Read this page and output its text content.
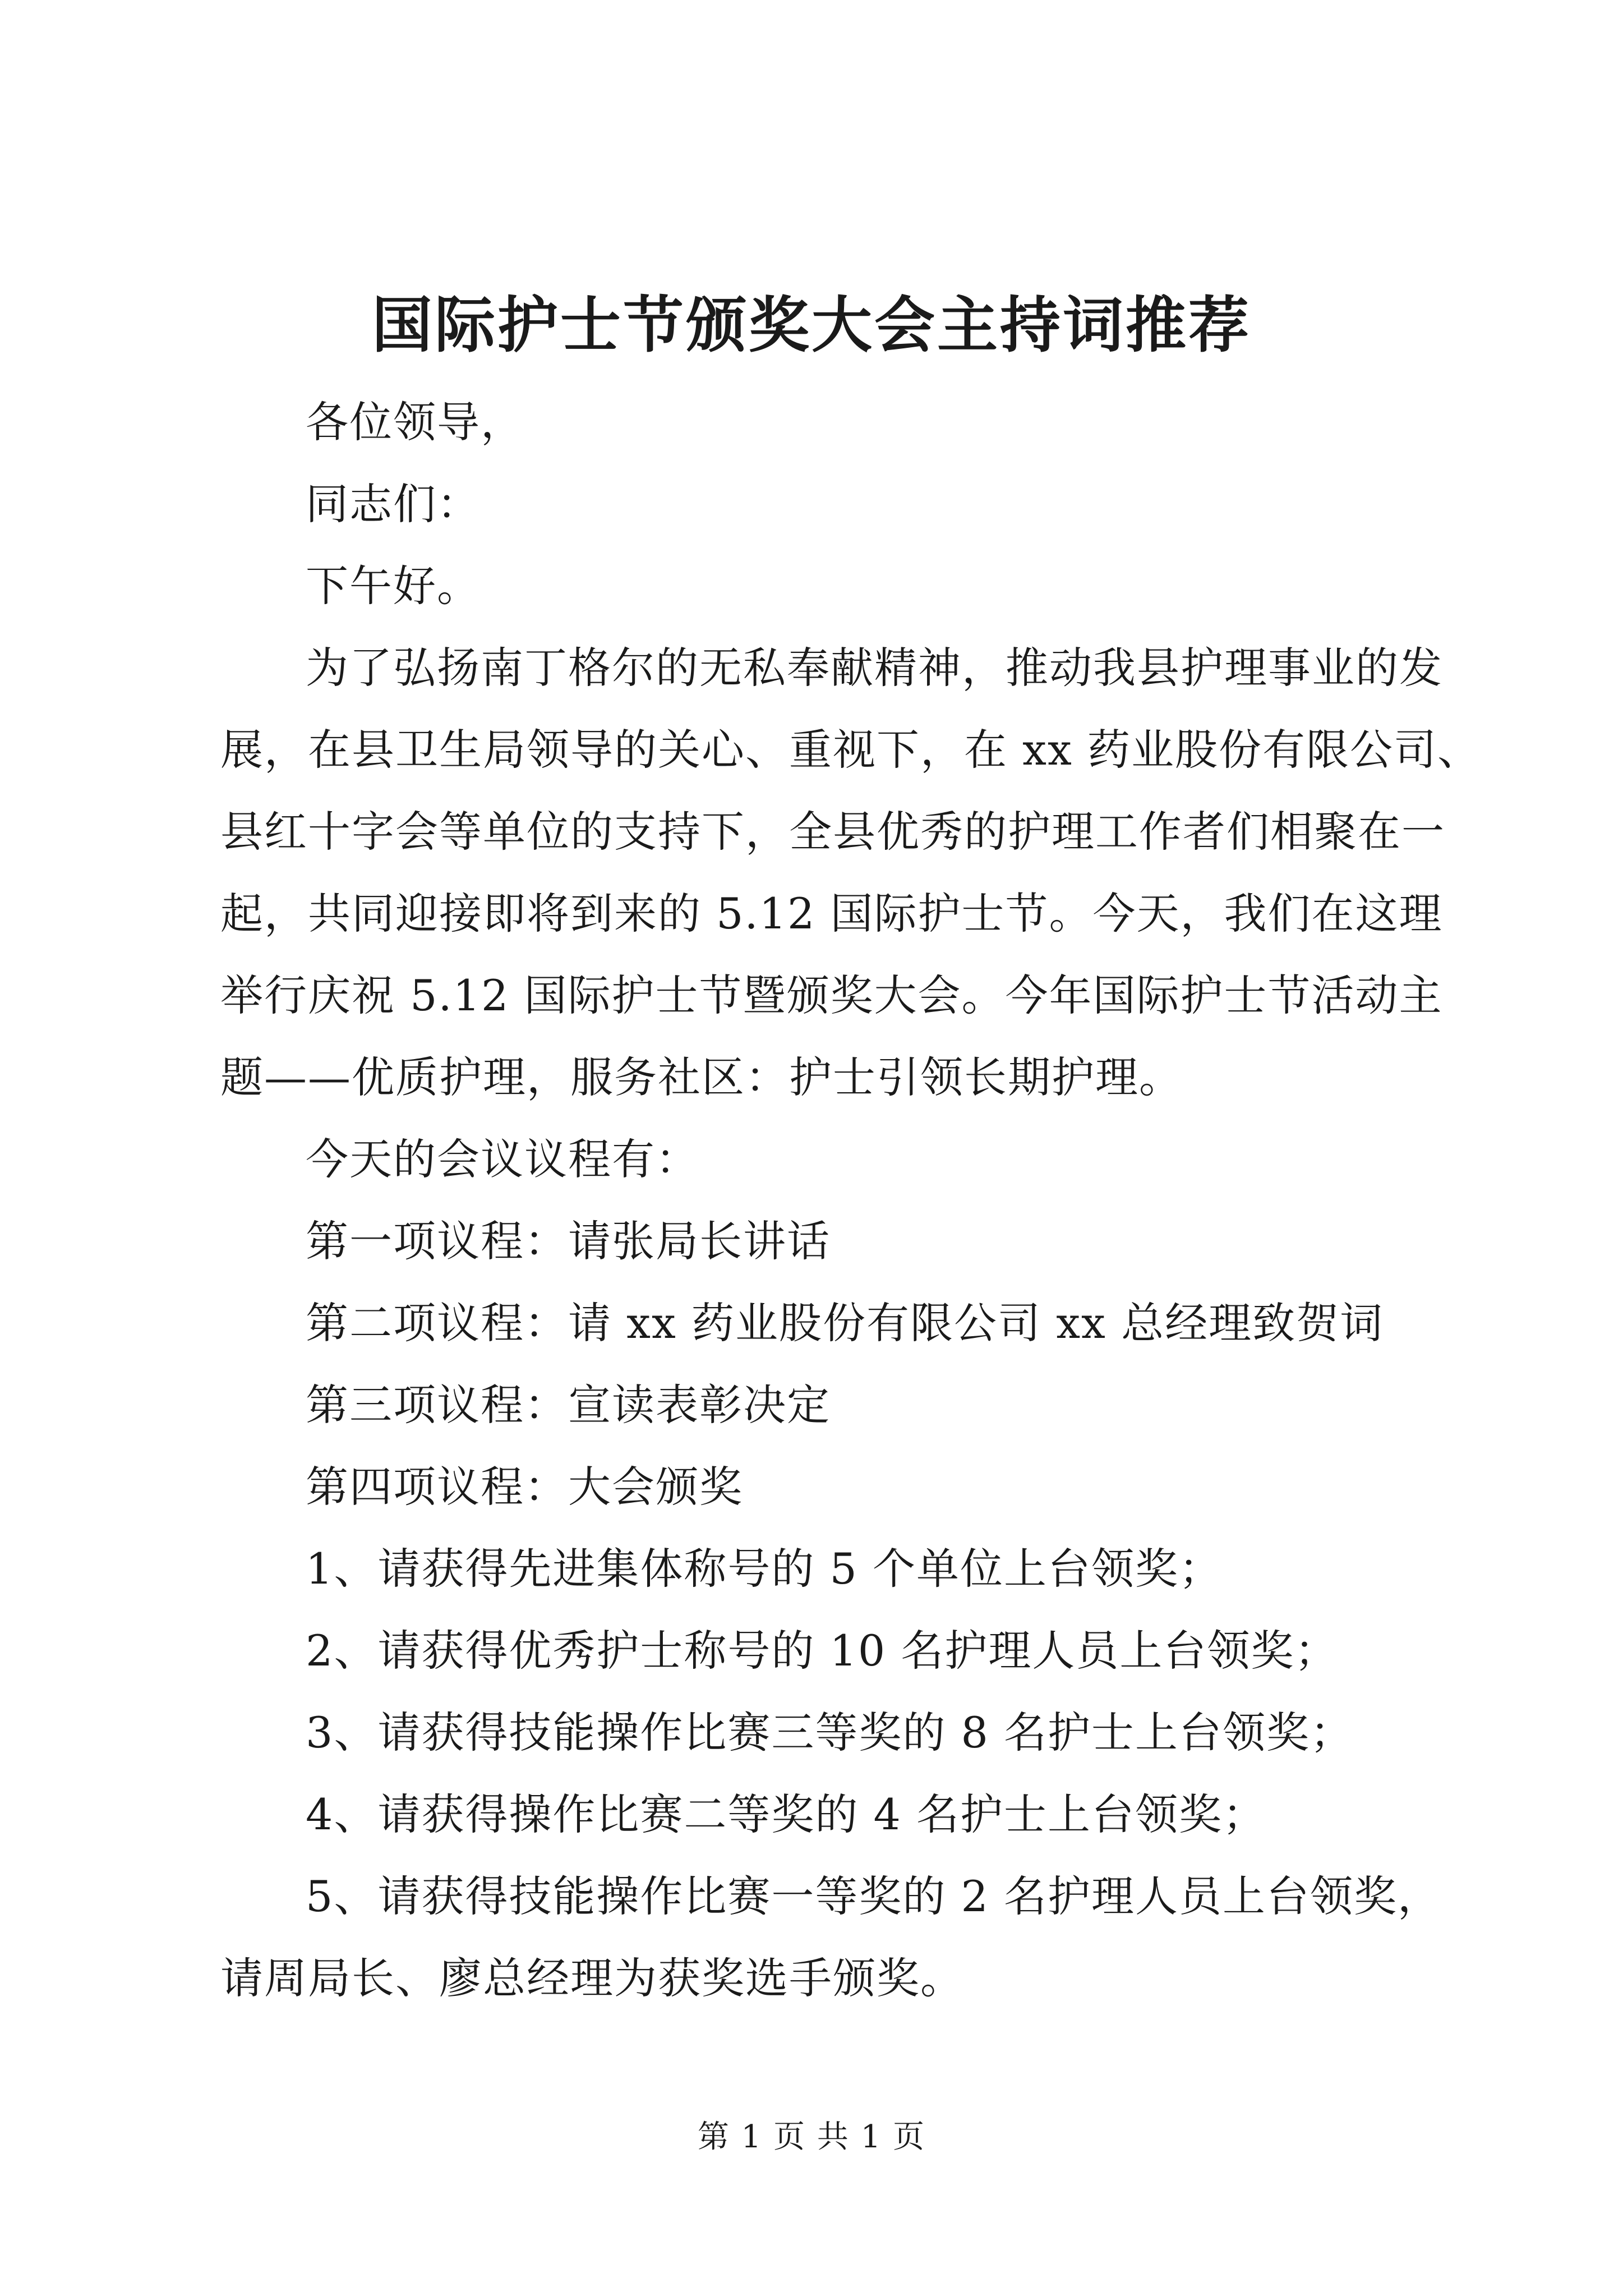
国际护士节颁奖大会主持词推荐

各位领导，

同志们：

下午好。

为了弘扬南丁格尔的无私奉献精神，推动我县护理事业的发

展，在县卫生局领导的关心、重视下，在 xx 药业股份有限公司、

县红十字会等单位的支持下，全县优秀的护理工作者们相聚在一

起，共同迎接即将到来的 5.12 国际护士节。今天，我们在这理

举行庆祝 5.12 国际护士节暨颁奖大会。今年国际护士节活动主

题——优质护理，服务社区：护士引领长期护理。

今天的会议议程有：

第一项议程：请张局长讲话

第二项议程：请 xx 药业股份有限公司 xx 总经理致贺词

第三项议程：宣读表彰决定

第四项议程：大会颁奖

1、请获得先进集体称号的 5 个单位上台领奖；

2、请获得优秀护士称号的 10 名护理人员上台领奖；

3、请获得技能操作比赛三等奖的 8 名护士上台领奖；

4、请获得操作比赛二等奖的 4 名护士上台领奖；

5、请获得技能操作比赛一等奖的 2 名护理人员上台领奖，

请周局长、廖总经理为获奖选手颁奖。

第 1 页 共 1 页
